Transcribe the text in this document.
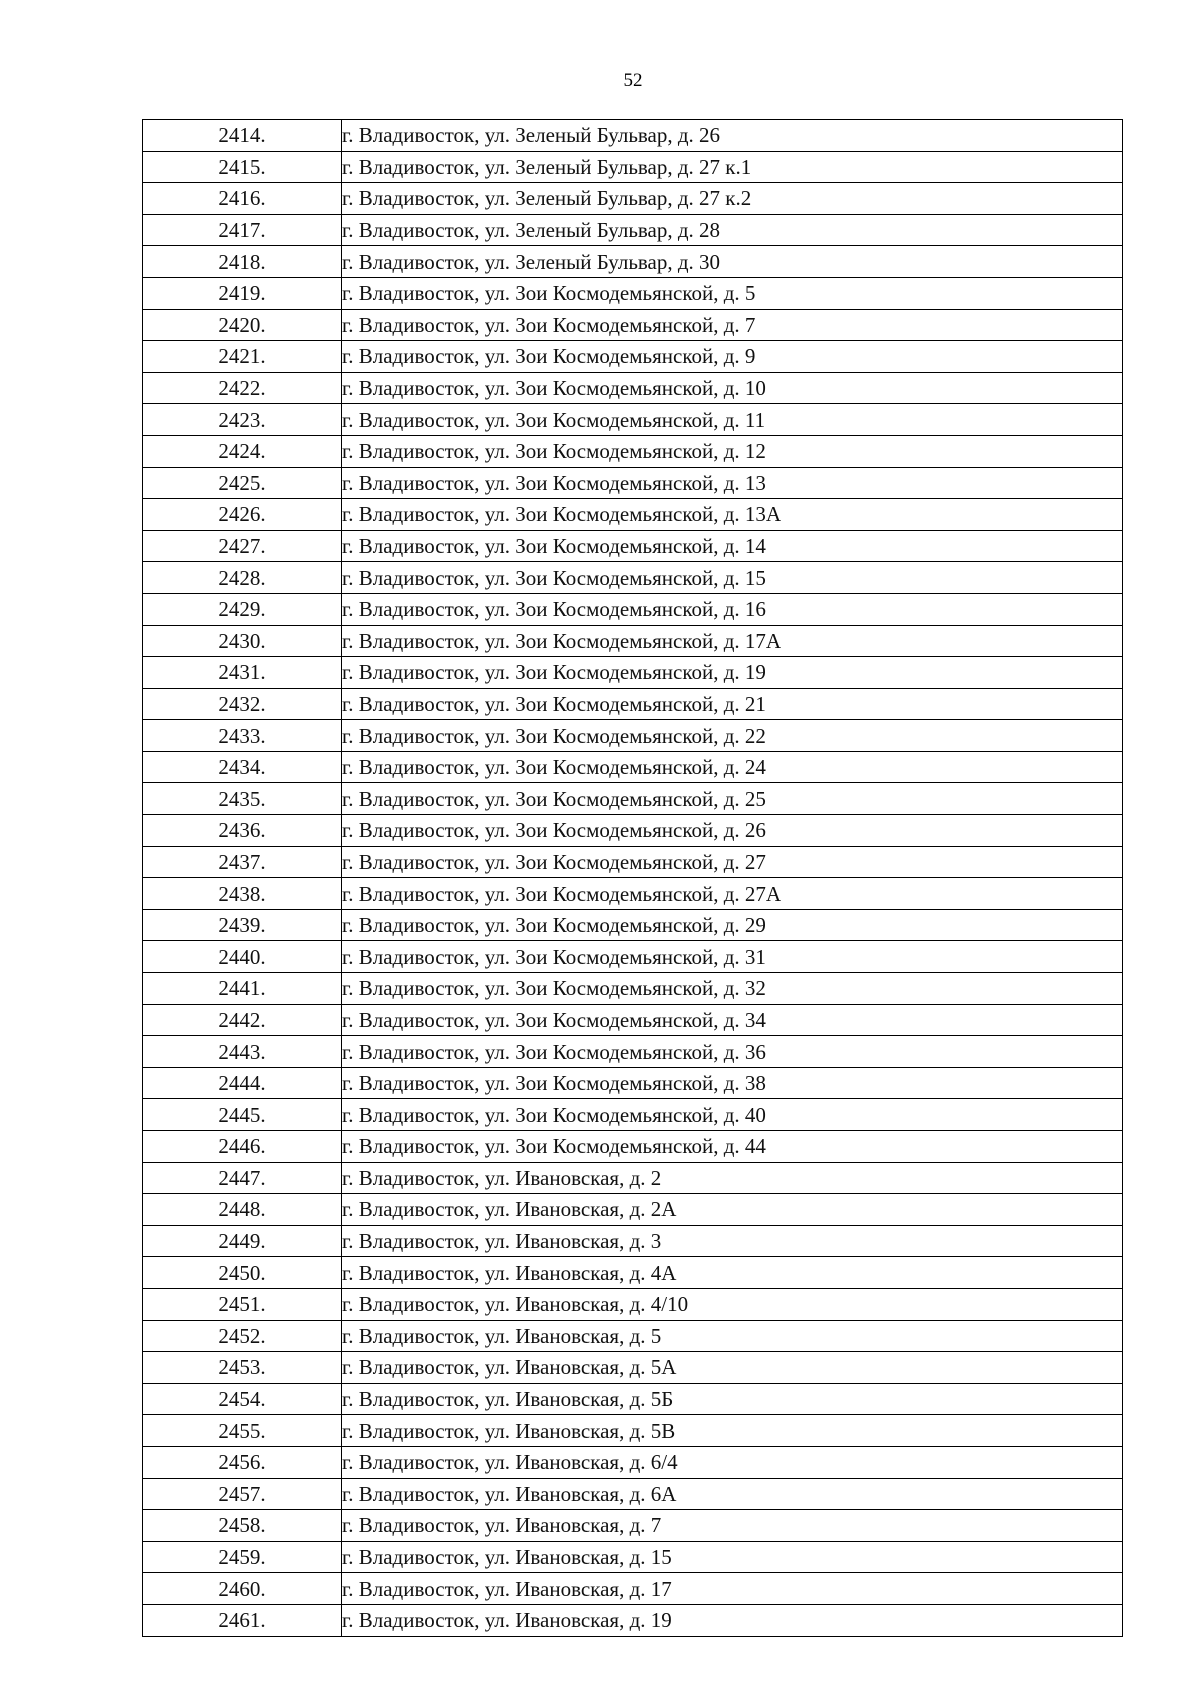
52
2414.	г. Владивосток, ул. Зеленый Бульвар, д. 26
2415.	г. Владивосток, ул. Зеленый Бульвар, д. 27 к.1
2416.	г. Владивосток, ул. Зеленый Бульвар, д. 27 к.2
2417.	г. Владивосток, ул. Зеленый Бульвар, д. 28
2418.	г. Владивосток, ул. Зеленый Бульвар, д. 30
2419.	г. Владивосток, ул. Зои Космодемьянской, д. 5
2420.	г. Владивосток, ул. Зои Космодемьянской, д. 7
2421.	г. Владивосток, ул. Зои Космодемьянской, д. 9
2422.	г. Владивосток, ул. Зои Космодемьянской, д. 10
2423.	г. Владивосток, ул. Зои Космодемьянской, д. 11
2424.	г. Владивосток, ул. Зои Космодемьянской, д. 12
2425.	г. Владивосток, ул. Зои Космодемьянской, д. 13
2426.	г. Владивосток, ул. Зои Космодемьянской, д. 13А
2427.	г. Владивосток, ул. Зои Космодемьянской, д. 14
2428.	г. Владивосток, ул. Зои Космодемьянской, д. 15
2429.	г. Владивосток, ул. Зои Космодемьянской, д. 16
2430.	г. Владивосток, ул. Зои Космодемьянской, д. 17А
2431.	г. Владивосток, ул. Зои Космодемьянской, д. 19
2432.	г. Владивосток, ул. Зои Космодемьянской, д. 21
2433.	г. Владивосток, ул. Зои Космодемьянской, д. 22
2434.	г. Владивосток, ул. Зои Космодемьянской, д. 24
2435.	г. Владивосток, ул. Зои Космодемьянской, д. 25
2436.	г. Владивосток, ул. Зои Космодемьянской, д. 26
2437.	г. Владивосток, ул. Зои Космодемьянской, д. 27
2438.	г. Владивосток, ул. Зои Космодемьянской, д. 27А
2439.	г. Владивосток, ул. Зои Космодемьянской, д. 29
2440.	г. Владивосток, ул. Зои Космодемьянской, д. 31
2441.	г. Владивосток, ул. Зои Космодемьянской, д. 32
2442.	г. Владивосток, ул. Зои Космодемьянской, д. 34
2443.	г. Владивосток, ул. Зои Космодемьянской, д. 36
2444.	г. Владивосток, ул. Зои Космодемьянской, д. 38
2445.	г. Владивосток, ул. Зои Космодемьянской, д. 40
2446.	г. Владивосток, ул. Зои Космодемьянской, д. 44
2447.	г. Владивосток, ул. Ивановская, д. 2
2448.	г. Владивосток, ул. Ивановская, д. 2А
2449.	г. Владивосток, ул. Ивановская, д. 3
2450.	г. Владивосток, ул. Ивановская, д. 4А
2451.	г. Владивосток, ул. Ивановская, д. 4/10
2452.	г. Владивосток, ул. Ивановская, д. 5
2453.	г. Владивосток, ул. Ивановская, д. 5А
2454.	г. Владивосток, ул. Ивановская, д. 5Б
2455.	г. Владивосток, ул. Ивановская, д. 5В
2456.	г. Владивосток, ул. Ивановская, д. 6/4
2457.	г. Владивосток, ул. Ивановская, д. 6А
2458.	г. Владивосток, ул. Ивановская, д. 7
2459.	г. Владивосток, ул. Ивановская, д. 15
2460.	г. Владивосток, ул. Ивановская, д. 17
2461.	г. Владивосток, ул. Ивановская, д. 19
